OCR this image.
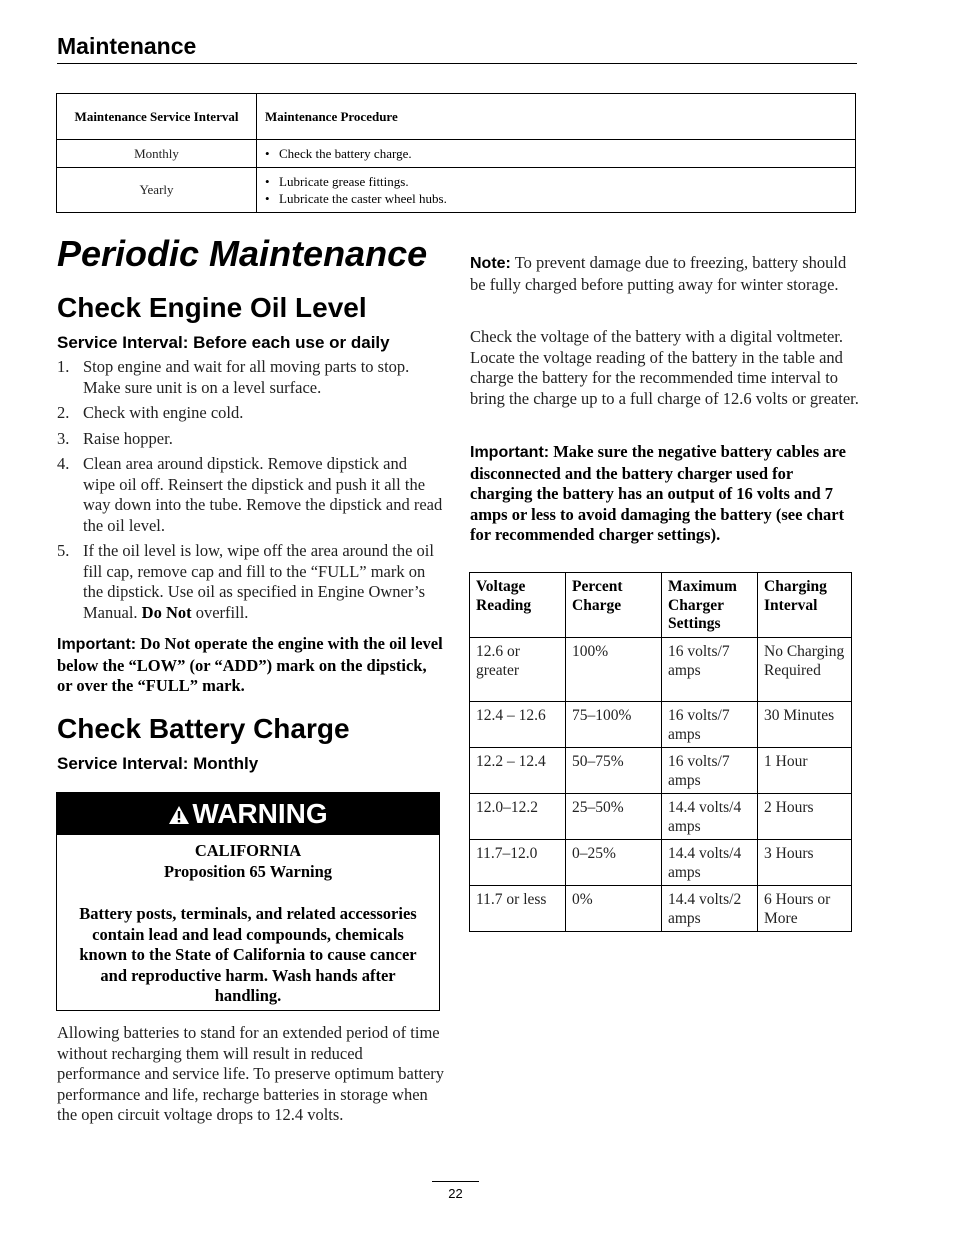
Maintenance
Maintenance Service Interval	Maintenance Procedure
Monthly	• Check the battery charge.

Yearly	• Lubricate grease fittings.
• Lubricate the caster wheel hubs.
Periodic Maintenance
Check Engine Oil Level
Service Interval: Before each use or daily
1. Stop engine and wait for all moving parts to stop. Make sure unit is on a level surface.
2. Check with engine cold.
3. Raise hopper.
4. Clean area around dipstick. Remove dipstick and wipe oil off. Reinsert the dipstick and push it all the way down into the tube. Remove the dipstick and read the oil level.
5. If the oil level is low, wipe off the area around the oil fill cap, remove cap and fill to the “FULL” mark on the dipstick. Use oil as specified in Engine Owner’s Manual. Do Not overfill.
Important: Do Not operate the engine with the oil level below the “LOW” (or “ADD”) mark on the dipstick, or over the “FULL” mark.
Check Battery Charge
Service Interval: Monthly
WARNING
CALIFORNIA
Proposition 65 Warning
Battery posts, terminals, and related accessories contain lead and lead compounds, chemicals known to the State of California to cause cancer and reproductive harm. Wash hands after handling.
Allowing batteries to stand for an extended period of time without recharging them will result in reduced performance and service life. To preserve optimum battery performance and life, recharge batteries in storage when the open circuit voltage drops to 12.4 volts.
Note: To prevent damage due to freezing, battery should be fully charged before putting away for winter storage.
Check the voltage of the battery with a digital voltmeter. Locate the voltage reading of the battery in the table and charge the battery for the recommended time interval to bring the charge up to a full charge of 12.6 volts or greater.
Important: Make sure the negative battery cables are disconnected and the battery charger used for charging the battery has an output of 16 volts and 7 amps or less to avoid damaging the battery (see chart for recommended charger settings).
Voltage Reading	Percent Charge	Maximum Charger Settings	Charging Interval
12.6 or greater	100%	16 volts/7 amps	No Charging Required
12.4 – 12.6	75–100%	16 volts/7 amps	30 Minutes
12.2 – 12.4	50–75%	16 volts/7 amps	1 Hour
12.0–12.2	25–50%	14.4 volts/4 amps	2 Hours
11.7–12.0	0–25%	14.4 volts/4 amps	3 Hours
11.7 or less	0%	14.4 volts/2 amps	6 Hours or More
22
